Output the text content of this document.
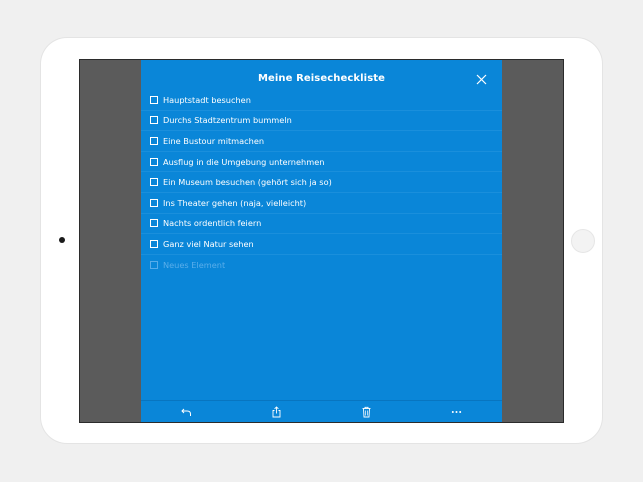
Meine Reisecheckliste
Hauptstadt besuchen
Durchs Stadtzentrum bummeln
Eine Bustour mitmachen
Ausflug in die Umgebung unternehmen
Ein Museum besuchen (gehört sich ja so)
Ins Theater gehen (naja, vielleicht)
Nachts ordentlich feiern
Ganz viel Natur sehen
Neues Element
